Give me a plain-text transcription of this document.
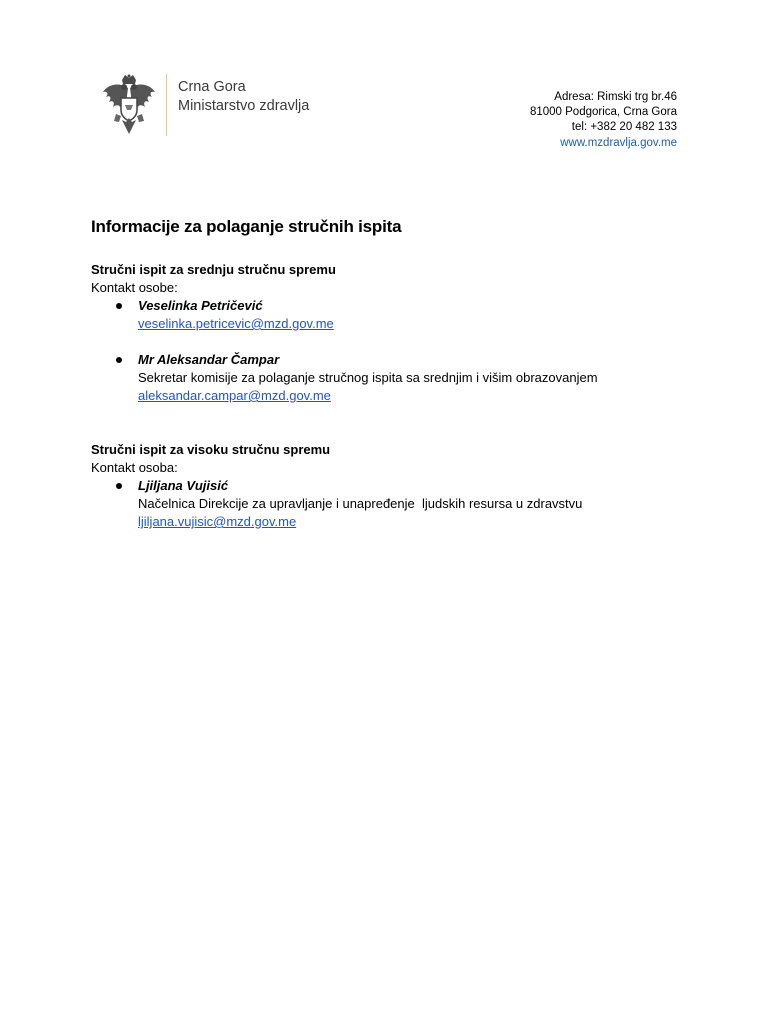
Crna Gora
Ministarstvo zdravlja
Adresa: Rimski trg br.46
81000 Podgorica, Crna Gora
tel: +382 20 482 133
www.mzdravlja.gov.me
Informacije za polaganje stručnih ispita
Stručni ispit za srednju stručnu spremu
Kontakt osobe:
Veselinka Petričević
veselinka.petricevic@mzd.gov.me
Mr Aleksandar Čampar
Sekretar komisije za polaganje stručnog ispita sa srednjim i višim obrazovanjem
aleksandar.campar@mzd.gov.me
Stručni ispit za visoku stručnu spremu
Kontakt osoba:
Ljiljana Vujisić
Načelnica Direkcije za upravljanje i unapređenje  ljudskih resursa u zdravstvu
ljiljana.vujisic@mzd.gov.me
